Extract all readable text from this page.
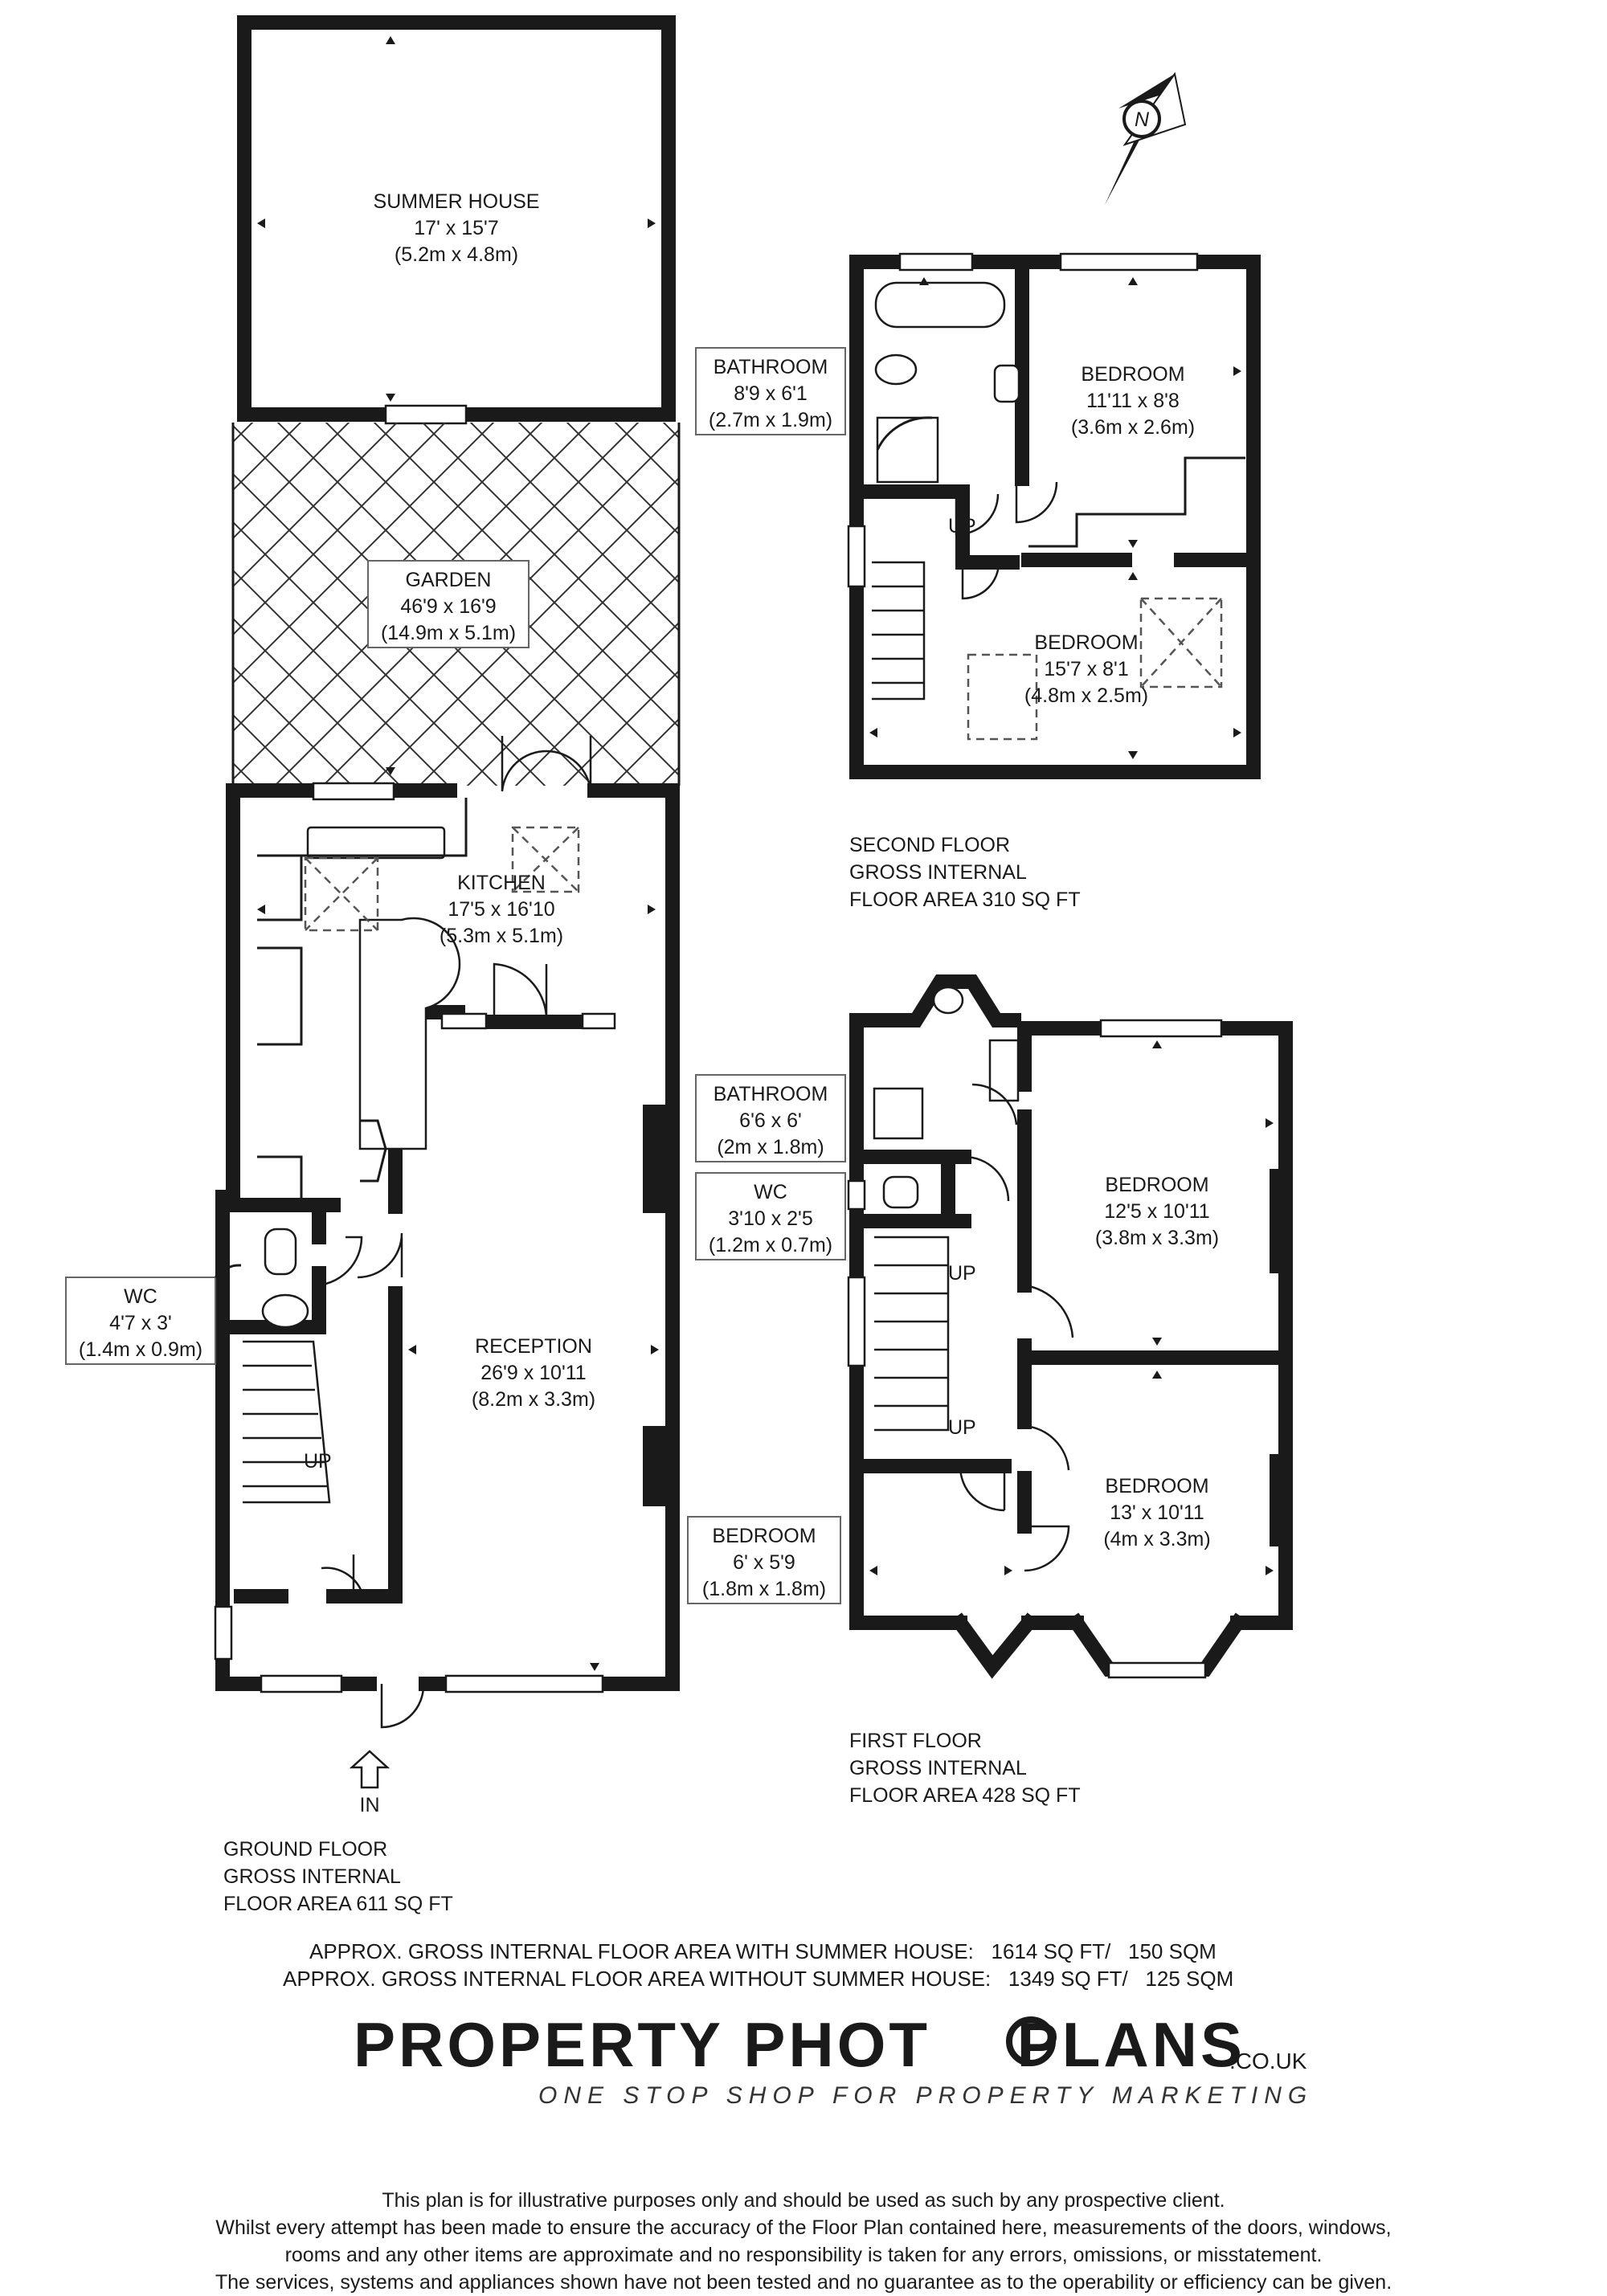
N
IN
UP
UP
UP
UP
SUMMER HOUSE
17' x 15'7
(5.2m x 4.8m)
GARDEN
46'9 x 16'9
(14.9m x 5.1m)
KITCHEN
17'5 x 16'10
(5.3m x 5.1m)
RECEPTION
26'9 x 10'11
(8.2m x 3.3m)
WC
4'7 x 3'
(1.4m x 0.9m)
BATHROOM
8'9 x 6'1
(2.7m x 1.9m)
BEDROOM
11'11 x 8'8
(3.6m x 2.6m)
BEDROOM
15'7 x 8'1
(4.8m x 2.5m)
BATHROOM
6'6 x 6'
(2m x 1.8m)
WC
3'10 x 2'5
(1.2m x 0.7m)
BEDROOM
12'5 x 10'11
(3.8m x 3.3m)
BEDROOM
13' x 10'11
(4m x 3.3m)
BEDROOM
6' x 5'9
(1.8m x 1.8m)
GROUND FLOOR
GROSS INTERNAL
FLOOR AREA 611 SQ FT
FIRST FLOOR
GROSS INTERNAL
FLOOR AREA 428 SQ FT
SECOND FLOOR
GROSS INTERNAL
FLOOR AREA 310 SQ FT
APPROX. GROSS INTERNAL FLOOR AREA WITH SUMMER HOUSE:   1614 SQ FT/   150 SQM
APPROX. GROSS INTERNAL FLOOR AREA WITHOUT SUMMER HOUSE:   1349 SQ FT/   125 SQM
PROPERTY PHOT  PLANS
.CO.UK
ONE STOP SHOP FOR PROPERTY MARKETING
This plan is for illustrative purposes only and should be used as such by any prospective client.
Whilst every attempt has been made to ensure the accuracy of the Floor Plan contained here, measurements of the doors, windows,
rooms and any other items are approximate and no responsibility is taken for any errors, omissions, or misstatement.
The services, systems and appliances shown have not been tested and no guarantee as to the operability or efficiency can be given.
